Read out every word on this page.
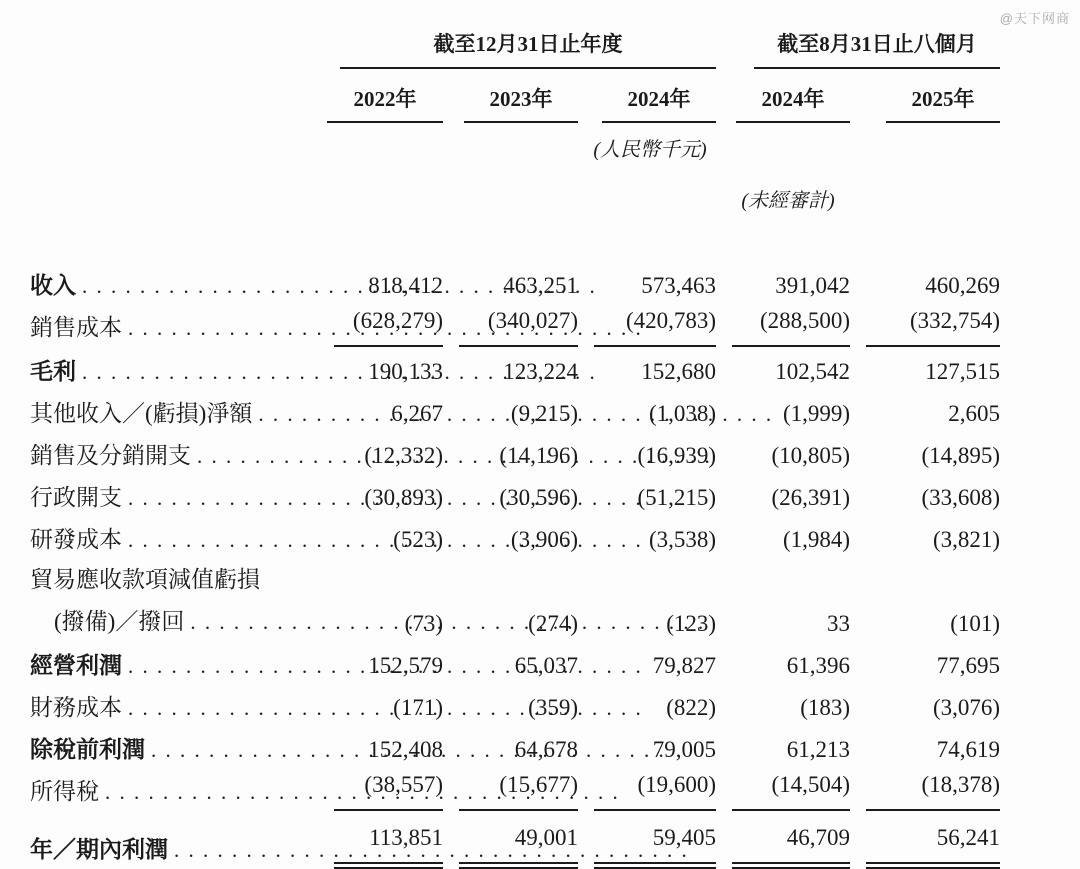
@天下网商

	截至12月31日止年度			截至8月31日止八個月	

	2022年	2023年	2024年	2024年	2025年

			(人民幣千元)		

				(未經審計)	

收入
. . .	818,412	463,251	573,463	391,042	460,269

銷售成本
. . .	(628,279)	(340,027)	(420,783)	(288,500)	(332,754)

毛利
. . .	190,133	123,224	152,680	102,542	127,515

其他收入／(虧損)淨額
. . .	6,267	(9,215)	(1,038)	(1,999)	2,605

銷售及分銷開支
. . .	(12,332)	(14,196)	(16,939)	(10,805)	(14,895)

行政開支
. . .	(30,893)	(30,596)	(51,215)	(26,391)	(33,608)

研發成本
. . .	(523)	(3,906)	(3,538)	(1,984)	(3,821)

貿易應收款項減值虧損
(撥備)／撥回
. . .	(73)	(274)	(123)	33	(101)

經營利潤
. . .	152,579	65,037	79,827	61,396	77,695

財務成本
. . .	(171)	(359)	(822)	(183)	(3,076)

除稅前利潤
. . .	152,408	64,678	79,005	61,213	74,619

所得稅
. . .	(38,557)	(15,677)	(19,600)	(14,504)	(18,378)

年／期內利潤
. . .	113,851	49,001	59,405	46,709	56,241
